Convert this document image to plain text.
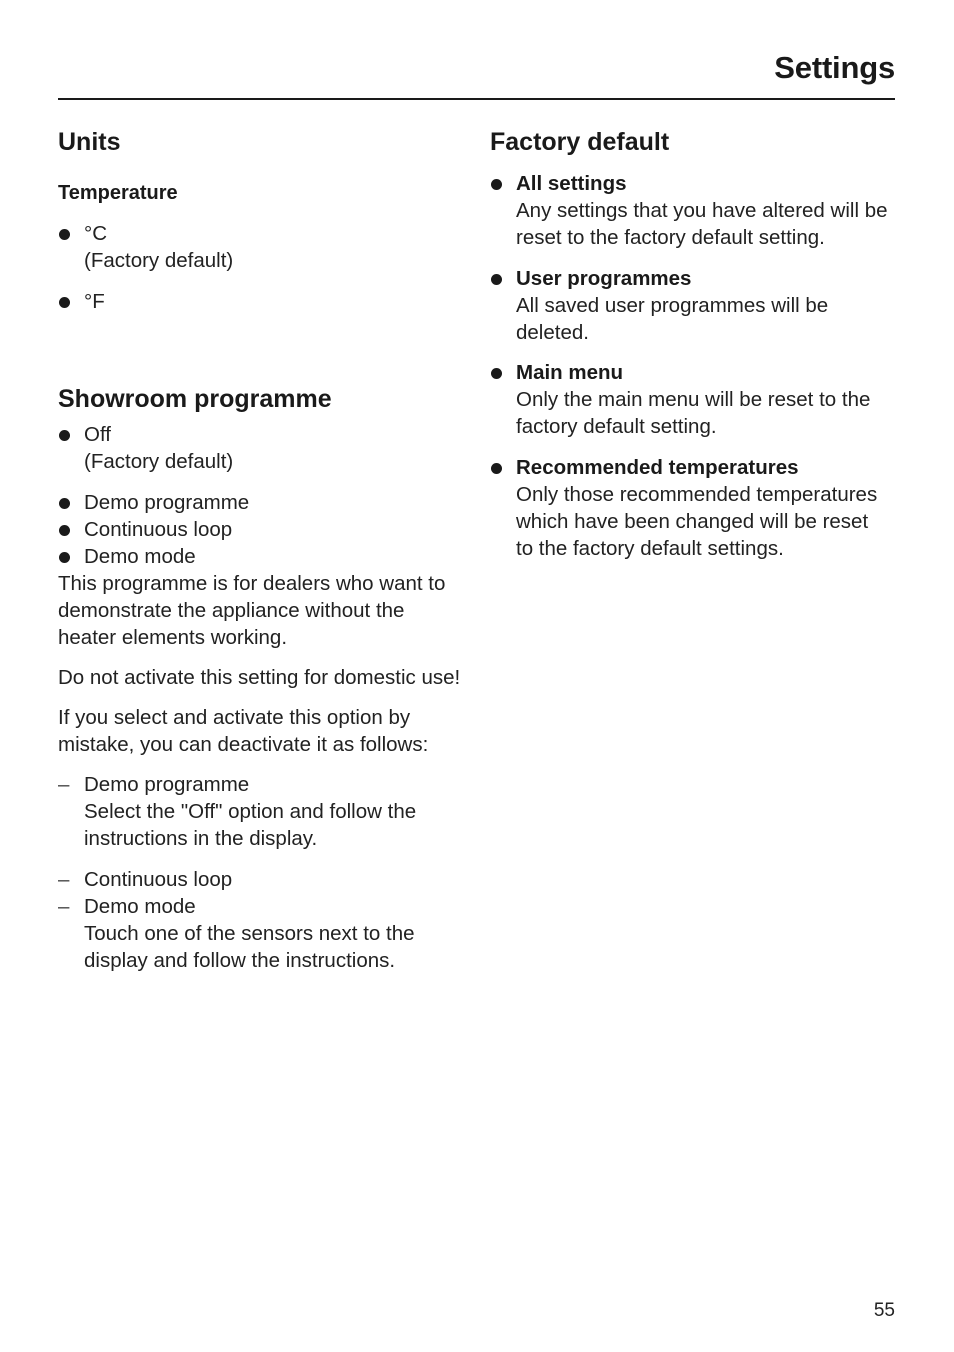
Settings
Units
Temperature
°C
(Factory default)
°F
Showroom programme
Off
(Factory default)
Demo programme
Continuous loop
Demo mode

This programme is for dealers who want to demonstrate the appliance without the heater elements working.

Do not activate this setting for domestic use!

If you select and activate this option by mistake, you can deactivate it as follows:

– Demo programme
Select the "Off" option and follow the instructions in the display.
– Continuous loop
– Demo mode
Touch one of the sensors next to the display and follow the instructions.
Factory default
All settings
Any settings that you have altered will be reset to the factory default setting.
User programmes
All saved user programmes will be deleted.
Main menu
Only the main menu will be reset to the factory default setting.
Recommended temperatures
Only those recommended temperatures which have been changed will be reset to the factory default settings.
55
